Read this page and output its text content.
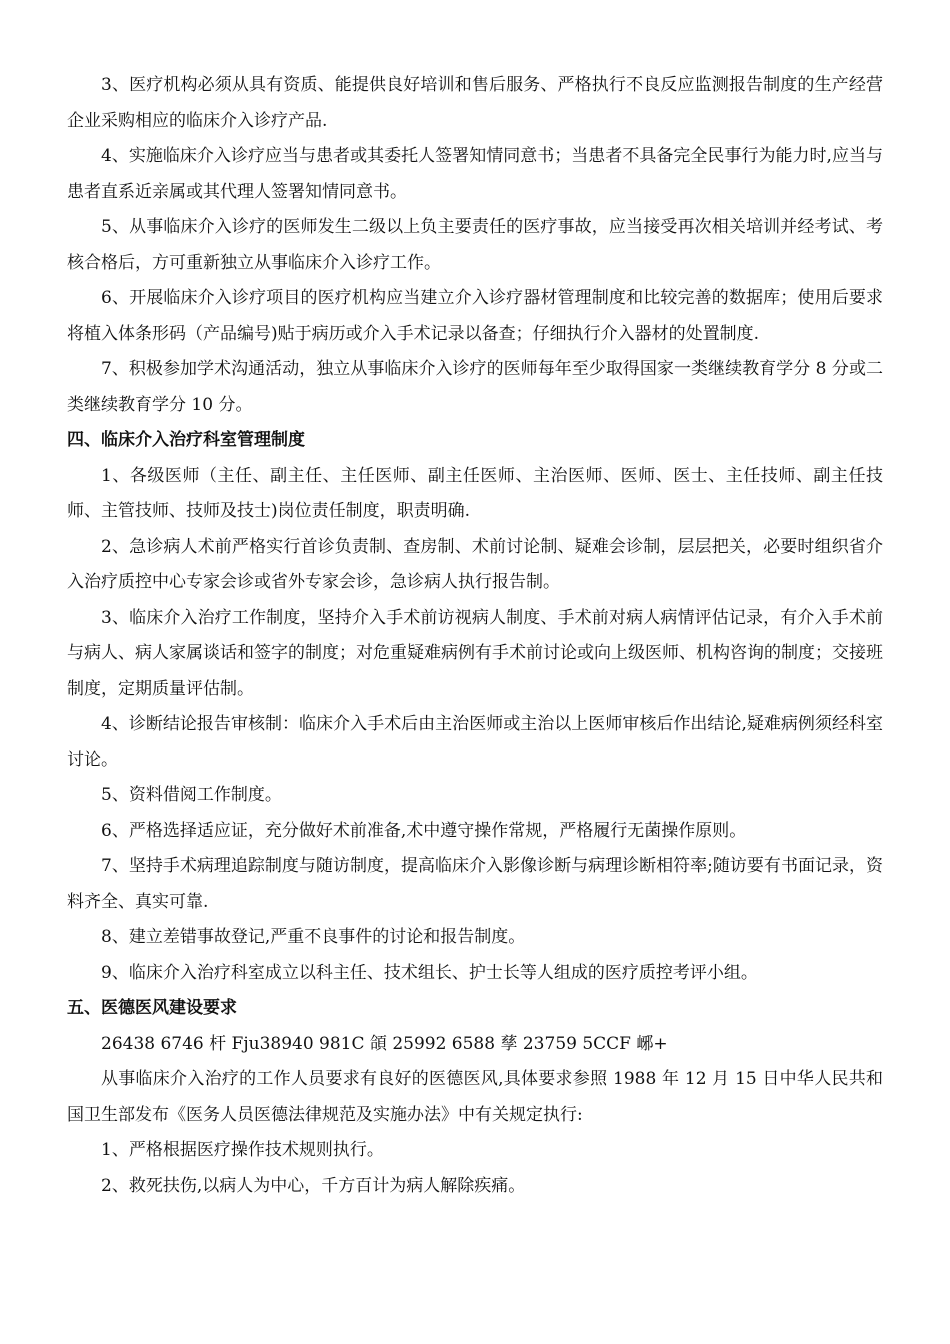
3、医疗机构必须从具有资质、能提供良好培训和售后服务、严格执行不良反应监测报告制度的生产经营企业采购相应的临床介入诊疗产品.

4、实施临床介入诊疗应当与患者或其委托人签署知情同意书；当患者不具备完全民事行为能力时,应当与患者直系近亲属或其代理人签署知情同意书。

5、从事临床介入诊疗的医师发生二级以上负主要责任的医疗事故，应当接受再次相关培训并经考试、考核合格后，方可重新独立从事临床介入诊疗工作。

6、开展临床介入诊疗项目的医疗机构应当建立介入诊疗器材管理制度和比较完善的数据库；使用后要求将植入体条形码（产品编号)贴于病历或介入手术记录以备查；仔细执行介入器材的处置制度.

7、积极参加学术沟通活动，独立从事临床介入诊疗的医师每年至少取得国家一类继续教育学分 8 分或二类继续教育学分 10 分。

四、临床介入治疗科室管理制度

1、各级医师（主任、副主任、主任医师、副主任医师、主治医师、医师、医士、主任技师、副主任技师、主管技师、技师及技士)岗位责任制度，职责明确.

2、急诊病人术前严格实行首诊负责制、查房制、术前讨论制、疑难会诊制，层层把关，必要时组织省介入治疗质控中心专家会诊或省外专家会诊，急诊病人执行报告制。

3、临床介入治疗工作制度，坚持介入手术前访视病人制度、手术前对病人病情评估记录，有介入手术前与病人、病人家属谈话和签字的制度；对危重疑难病例有手术前讨论或向上级医师、机构咨询的制度；交接班制度，定期质量评估制。

4、诊断结论报告审核制：临床介入手术后由主治医师或主治以上医师审核后作出结论,疑难病例须经科室讨论。

5、资料借阅工作制度。

6、严格选择适应证，充分做好术前准备,术中遵守操作常规，严格履行无菌操作原则。

7、坚持手术病理追踪制度与随访制度，提高临床介入影像诊断与病理诊断相符率;随访要有书面记录，资料齐全、真实可靠.

8、建立差错事故登记,严重不良事件的讨论和报告制度。

9、临床介入治疗科室成立以科主任、技术组长、护士长等人组成的医疗质控考评小组。

五、医德医风建设要求

26438 6746 杆 Fju38940 981C 頜 25992 6588 孳 23759 5CCF 峫+

从事临床介入治疗的工作人员要求有良好的医德医风,具体要求参照 1988 年 12 月 15 日中华人民共和国卫生部发布《医务人员医德法律规范及实施办法》中有关规定执行:

1、严格根据医疗操作技术规则执行。

2、救死扶伤,以病人为中心，千方百计为病人解除疾痛。
